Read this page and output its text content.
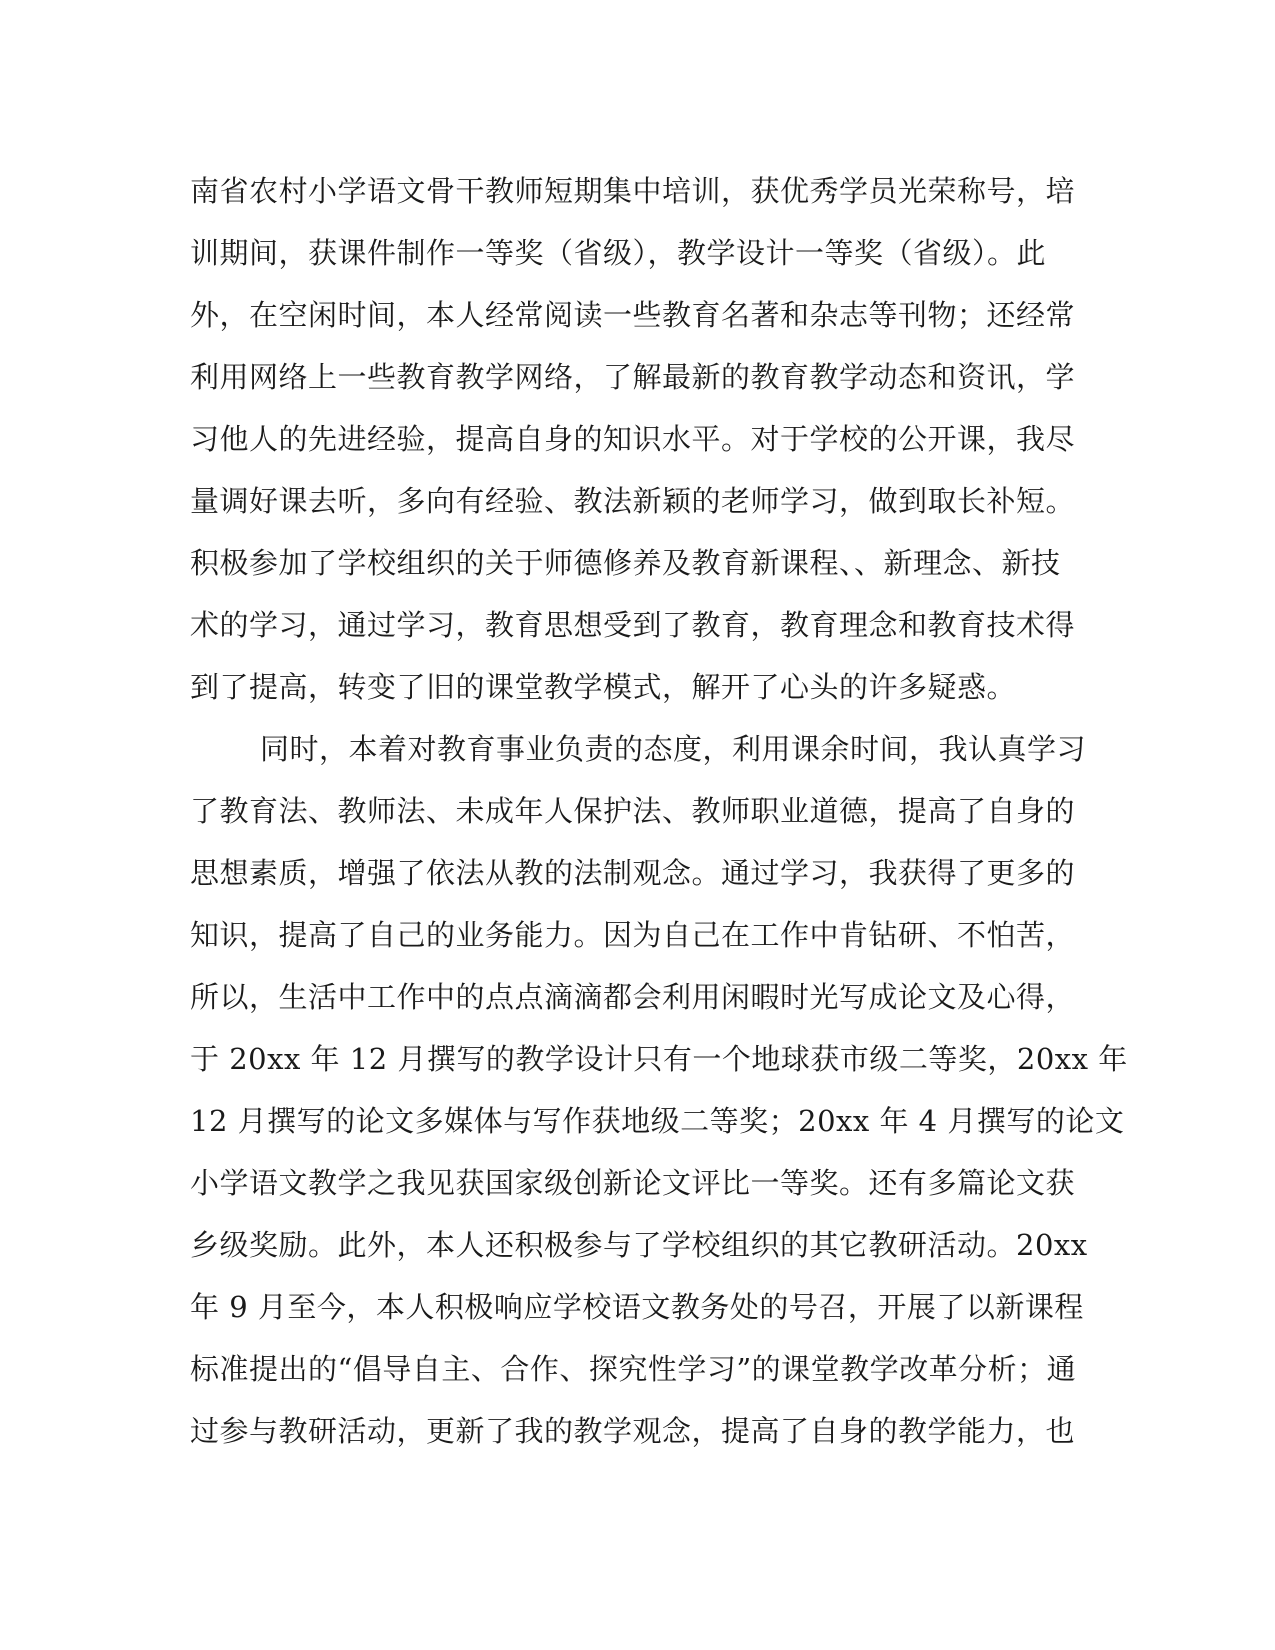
南省农村小学语文骨干教师短期集中培训，获优秀学员光荣称号，培
训期间，获课件制作一等奖（省级），教学设计一等奖（省级）。此
外，在空闲时间，本人经常阅读一些教育名著和杂志等刊物；还经常
利用网络上一些教育教学网络，了解最新的教育教学动态和资讯，学
习他人的先进经验，提高自身的知识水平。对于学校的公开课，我尽
量调好课去听，多向有经验、教法新颖的老师学习，做到取长补短。
积极参加了学校组织的关于师德修养及教育新课程、、新理念、新技
术的学习，通过学习，教育思想受到了教育，教育理念和教育技术得
到了提高，转变了旧的课堂教学模式，解开了心头的许多疑惑。
同时，本着对教育事业负责的态度，利用课余时间，我认真学习
了教育法、教师法、未成年人保护法、教师职业道德，提高了自身的
思想素质，增强了依法从教的法制观念。通过学习，我获得了更多的
知识，提高了自己的业务能力。因为自己在工作中肯钻研、不怕苦，
所以，生活中工作中的点点滴滴都会利用闲暇时光写成论文及心得，
于 20xx 年 12 月撰写的教学设计只有一个地球获市级二等奖，20xx 年
12 月撰写的论文多媒体与写作获地级二等奖；20xx 年 4 月撰写的论文
小学语文教学之我见获国家级创新论文评比一等奖。还有多篇论文获
乡级奖励。此外，本人还积极参与了学校组织的其它教研活动。20xx
年 9 月至今，本人积极响应学校语文教务处的号召，开展了以新课程
标准提出的“倡导自主、合作、探究性学习”的课堂教学改革分析；通
过参与教研活动，更新了我的教学观念，提高了自身的教学能力，也
